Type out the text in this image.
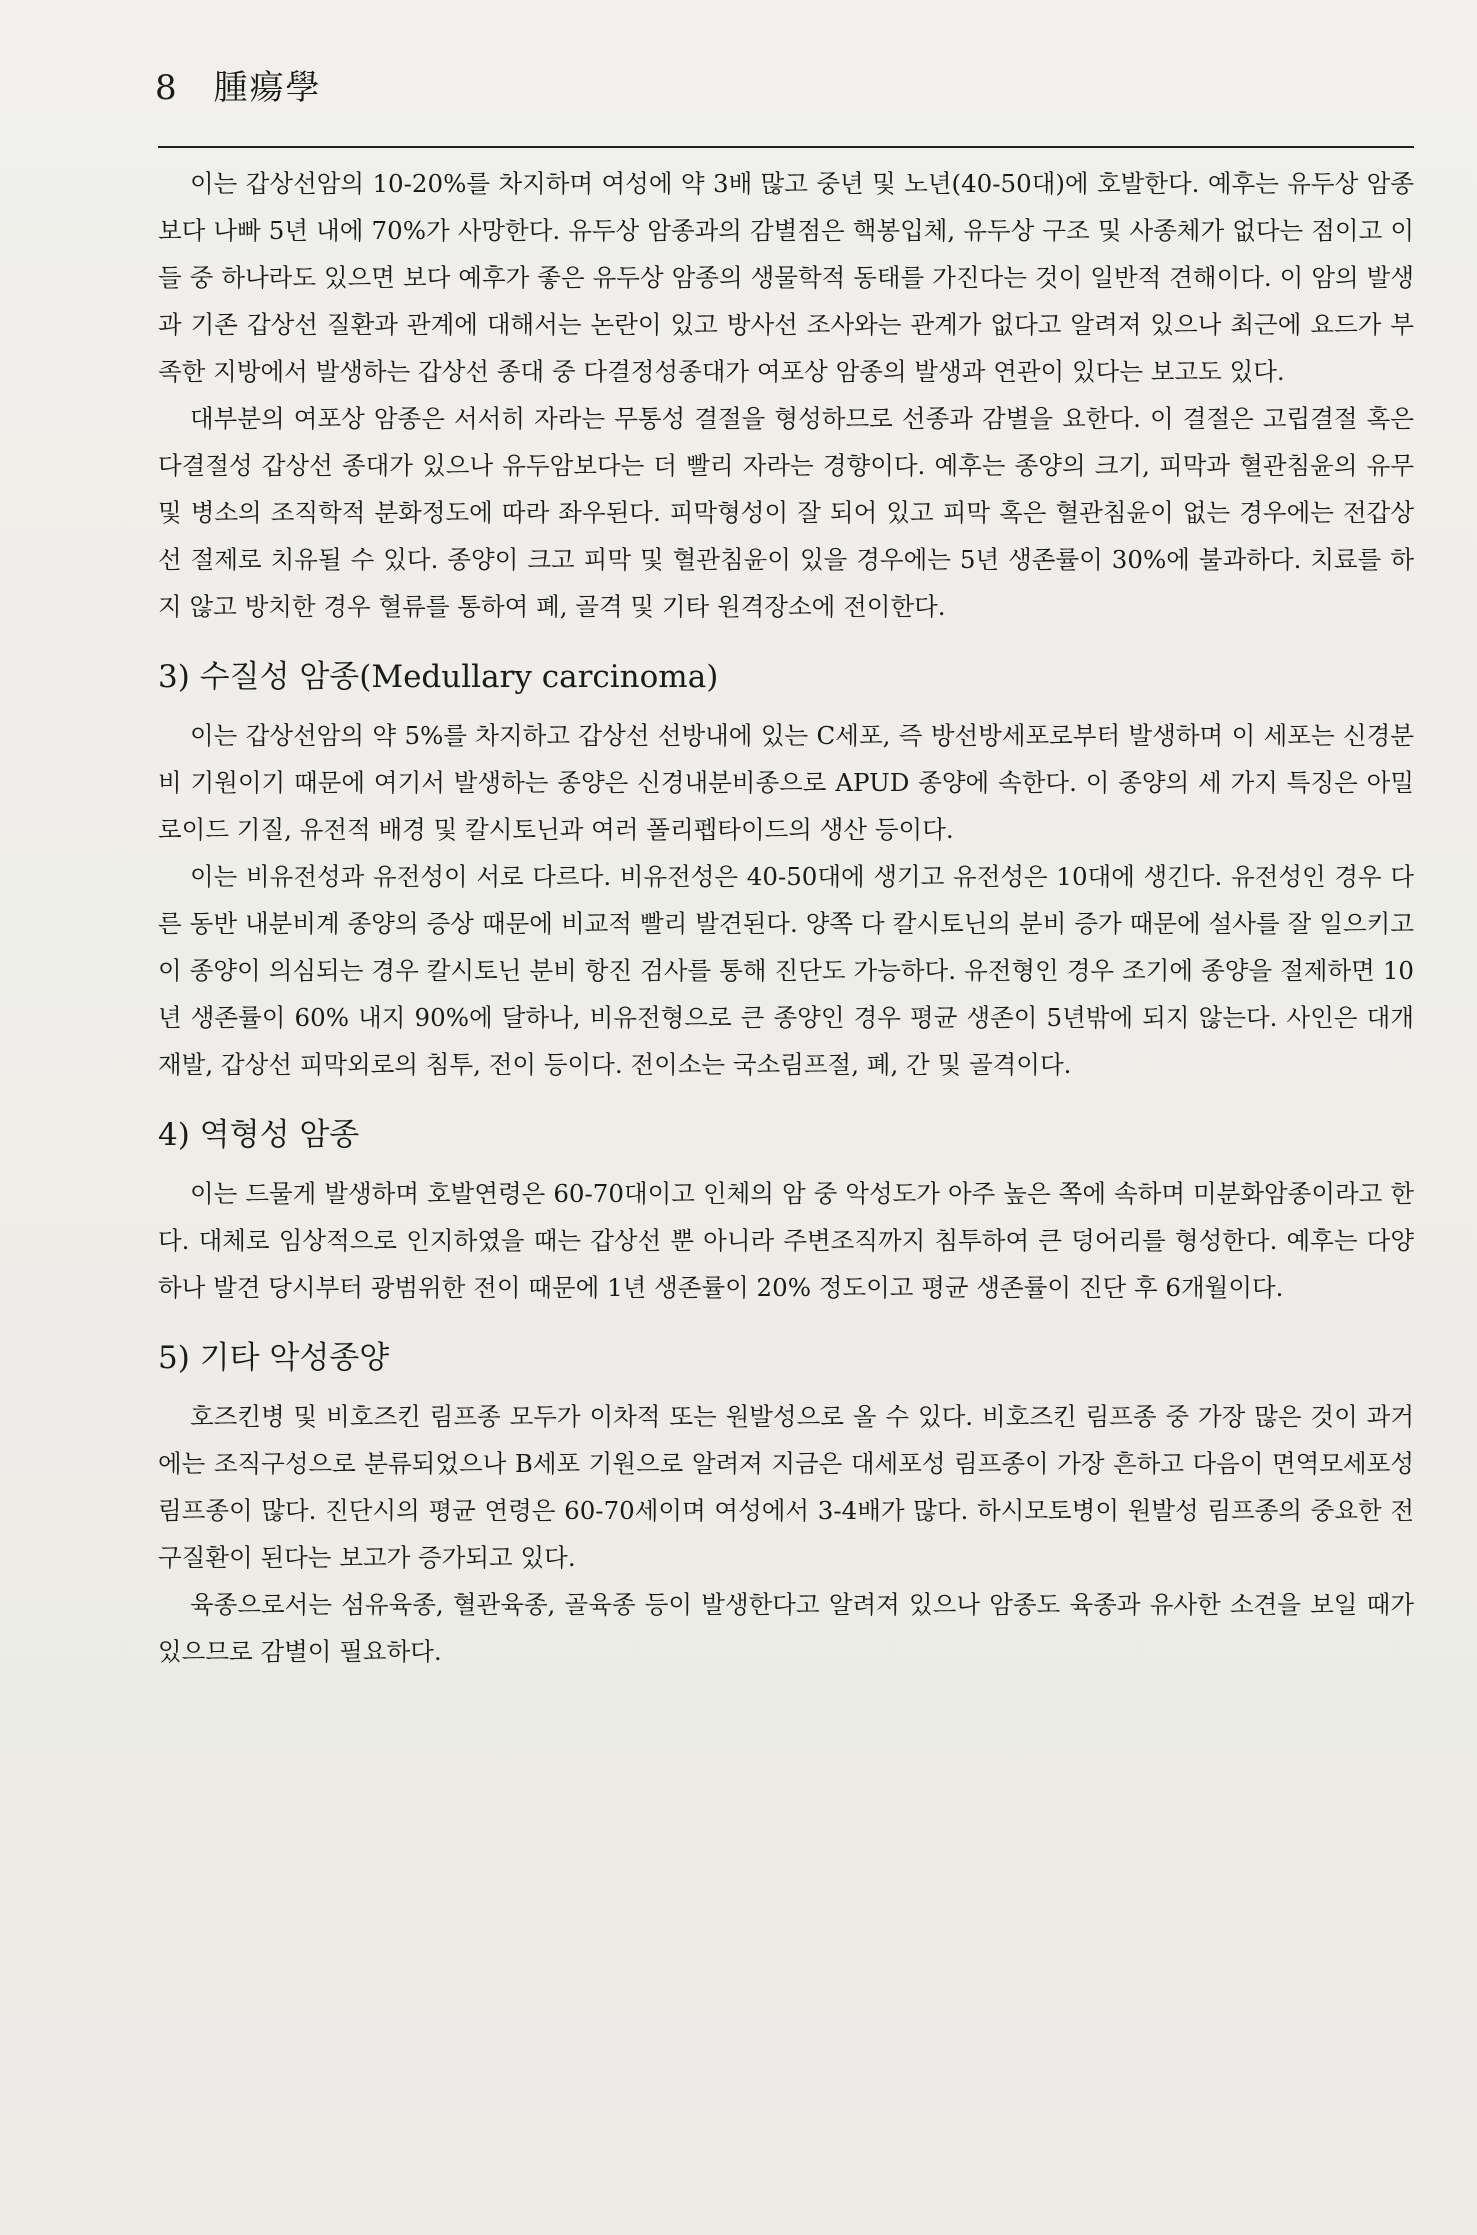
8 腫瘍學

이는 갑상선암의 10-20%를 차지하며 여성에 약 3배 많고 중년 및 노년(40-50대)에 호발한다. 예후는 유두상 암종보다 나빠 5년 내에 70%가 사망한다. 유두상 암종과의 감별점은 핵봉입체, 유두상 구조 및 사종체가 없다는 점이고 이들 중 하나라도 있으면 보다 예후가 좋은 유두상 암종의 생물학적 동태를 가진다는 것이 일반적 견해이다. 이 암의 발생과 기존 갑상선 질환과 관계에 대해서는 논란이 있고 방사선 조사와는 관계가 없다고 알려져 있으나 최근에 요드가 부족한 지방에서 발생하는 갑상선 종대 중 다결정성종대가 여포상 암종의 발생과 연관이 있다는 보고도 있다.

대부분의 여포상 암종은 서서히 자라는 무통성 결절을 형성하므로 선종과 감별을 요한다. 이 결절은 고립결절 혹은 다결절성 갑상선 종대가 있으나 유두암보다는 더 빨리 자라는 경향이다. 예후는 종양의 크기, 피막과 혈관침윤의 유무 및 병소의 조직학적 분화정도에 따라 좌우된다. 피막형성이 잘 되어 있고 피막 혹은 혈관침윤이 없는 경우에는 전갑상선 절제로 치유될 수 있다. 종양이 크고 피막 및 혈관침윤이 있을 경우에는 5년 생존률이 30%에 불과하다. 치료를 하지 않고 방치한 경우 혈류를 통하여 폐, 골격 및 기타 원격장소에 전이한다.

3) 수질성 암종(Medullary carcinoma)

이는 갑상선암의 약 5%를 차지하고 갑상선 선방내에 있는 C세포, 즉 방선방세포로부터 발생하며 이 세포는 신경분비 기원이기 때문에 여기서 발생하는 종양은 신경내분비종으로 APUD 종양에 속한다. 이 종양의 세 가지 특징은 아밀로이드 기질, 유전적 배경 및 칼시토닌과 여러 폴리펩타이드의 생산 등이다.

이는 비유전성과 유전성이 서로 다르다. 비유전성은 40-50대에 생기고 유전성은 10대에 생긴다. 유전성인 경우 다른 동반 내분비계 종양의 증상 때문에 비교적 빨리 발견된다. 양쪽 다 칼시토닌의 분비 증가 때문에 설사를 잘 일으키고 이 종양이 의심되는 경우 칼시토닌 분비 항진 검사를 통해 진단도 가능하다. 유전형인 경우 조기에 종양을 절제하면 10년 생존률이 60% 내지 90%에 달하나, 비유전형으로 큰 종양인 경우 평균 생존이 5년밖에 되지 않는다. 사인은 대개 재발, 갑상선 피막외로의 침투, 전이 등이다. 전이소는 국소림프절, 폐, 간 및 골격이다.

4) 역형성 암종

이는 드물게 발생하며 호발연령은 60-70대이고 인체의 암 중 악성도가 아주 높은 쪽에 속하며 미분화암종이라고 한다. 대체로 임상적으로 인지하였을 때는 갑상선 뿐 아니라 주변조직까지 침투하여 큰 덩어리를 형성한다. 예후는 다양하나 발견 당시부터 광범위한 전이 때문에 1년 생존률이 20% 정도이고 평균 생존률이 진단 후 6개월이다.

5) 기타 악성종양

호즈킨병 및 비호즈킨 림프종 모두가 이차적 또는 원발성으로 올 수 있다. 비호즈킨 림프종 중 가장 많은 것이 과거에는 조직구성으로 분류되었으나 B세포 기원으로 알려져 지금은 대세포성 림프종이 가장 흔하고 다음이 면역모세포성 림프종이 많다. 진단시의 평균 연령은 60-70세이며 여성에서 3-4배가 많다. 하시모토병이 원발성 림프종의 중요한 전구질환이 된다는 보고가 증가되고 있다.

육종으로서는 섬유육종, 혈관육종, 골육종 등이 발생한다고 알려져 있으나 암종도 육종과 유사한 소견을 보일 때가 있으므로 감별이 필요하다.
